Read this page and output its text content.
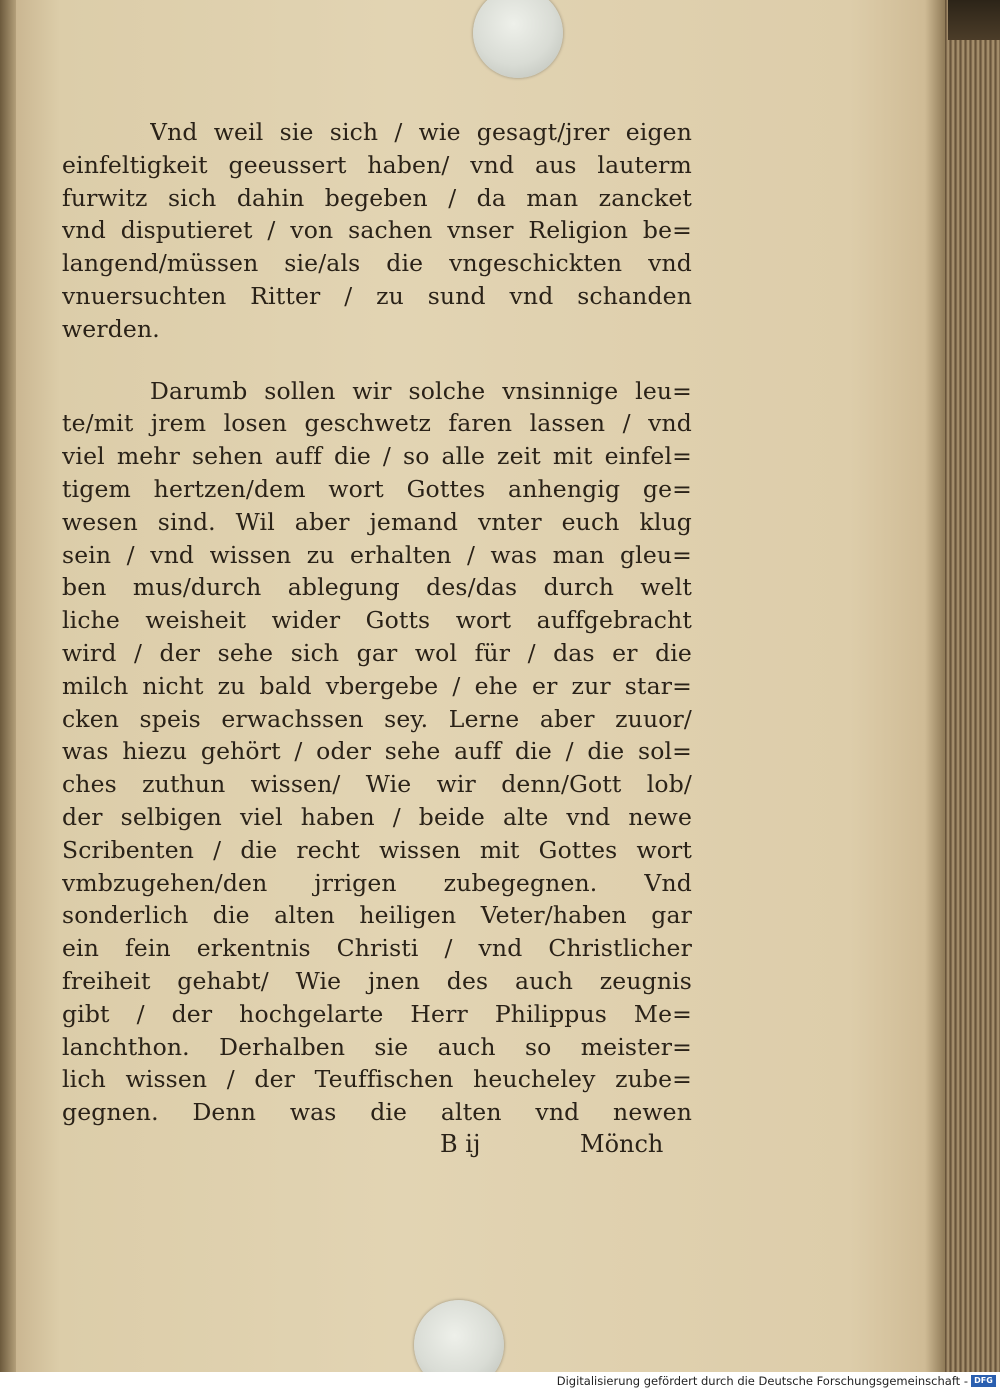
Vnd weil sie sich / wie gesagt/jrer eigen
einfeltigkeit geeussert haben/ vnd aus lauterm
furwitz sich dahin begeben / da man zancket
vnd disputieret / von sachen vnser Religion be=
langend/müssen sie/als die vngeschickten vnd
vnuersuchten Ritter / zu sund vnd schanden
werden.
Darumb sollen wir solche vnsinnige leu=
te/mit jrem losen geschwetz faren lassen / vnd
viel mehr sehen auff die / so alle zeit mit einfel=
tigem hertzen/dem wort Gottes anhengig ge=
wesen sind. Wil aber jemand vnter euch klug
sein / vnd wissen zu erhalten / was man gleu=
ben mus/durch ablegung des/das durch welt
liche weisheit wider Gotts wort auffgebracht
wird / der sehe sich gar wol für / das er die
milch nicht zu bald vbergebe / ehe er zur star=
cken speis erwachssen sey. Lerne aber zuuor/
was hiezu gehört / oder sehe auff die / die sol=
ches zuthun wissen/ Wie wir denn/Gott lob/
der selbigen viel haben / beide alte vnd newe
Scribenten / die recht wissen mit Gottes wort
vmbzugehen/den jrrigen zubegegnen. Vnd
sonderlich die alten heiligen Veter/haben gar
ein fein erkentnis Christi / vnd Christlicher
freiheit gehabt/ Wie jnen des auch zeugnis
gibt / der hochgelarte Herr Philippus Me=
lanchthon. Derhalben sie auch so meister=
lich wissen / der Teuffischen heucheley zube=
gegnen. Denn was die alten vnd newen
B ij	Mönch
Digitalisierung gefördert durch die Deutsche Forschungsgemeinschaft - DFG
